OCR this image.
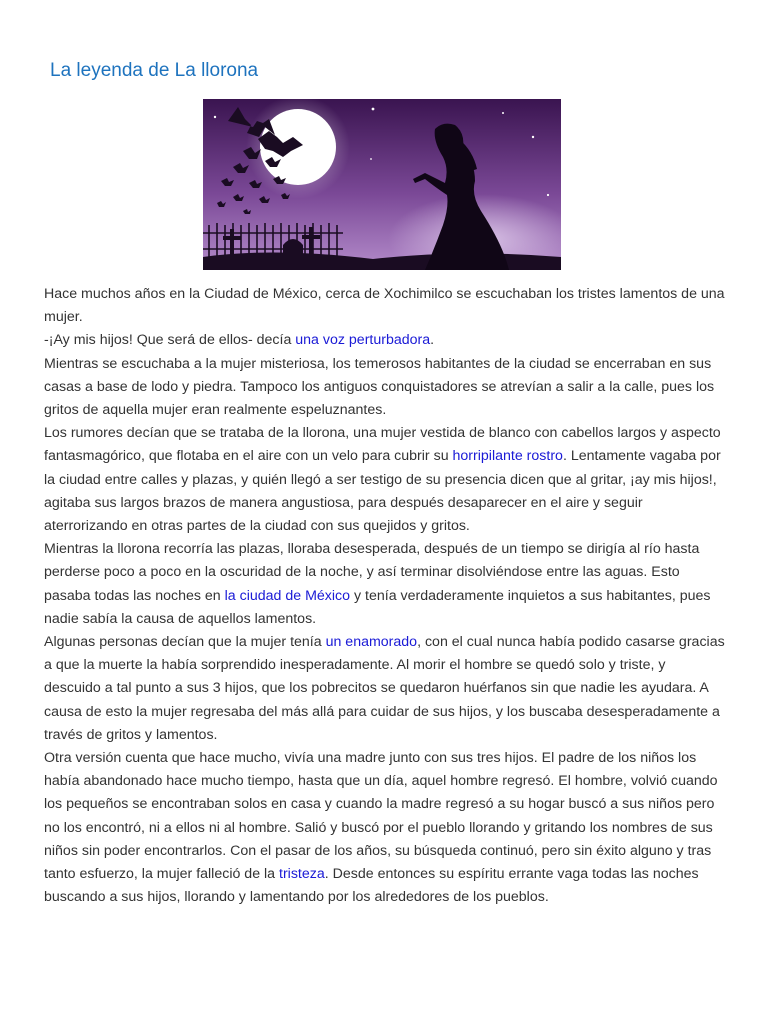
La leyenda de La llorona

Hace muchos años en la Ciudad de México, cerca de Xochimilco se escuchaban los tristes lamentos de una mujer.

-¡Ay mis hijos! Que será de ellos- decía una voz perturbadora.

Mientras se escuchaba a la mujer misteriosa, los temerosos habitantes de la ciudad se encerraban en sus casas a base de lodo y piedra. Tampoco los antiguos conquistadores se atrevían a salir a la calle, pues los gritos de aquella mujer eran realmente espeluznantes.

Los rumores decían que se trataba de la llorona, una mujer vestida de blanco con cabellos largos y aspecto fantasmagórico, que flotaba en el aire con un velo para cubrir su horripilante rostro. Lentamente vagaba por la ciudad entre calles y plazas, y quién llegó a ser testigo de su presencia dicen que al gritar, ¡ay mis hijos!, agitaba sus largos brazos de manera angustiosa, para después desaparecer en el aire y seguir aterrorizando en otras partes de la ciudad con sus quejidos y gritos.

Mientras la llorona recorría las plazas, lloraba desesperada, después de un tiempo se dirigía al río hasta perderse poco a poco en la oscuridad de la noche, y así terminar disolviéndose entre las aguas. Esto pasaba todas las noches en la ciudad de México y tenía verdaderamente inquietos a sus habitantes, pues nadie sabía la causa de aquellos lamentos.

Algunas personas decían que la mujer tenía un enamorado, con el cual nunca había podido casarse gracias a que la muerte la había sorprendido inesperadamente. Al morir el hombre se quedó solo y triste, y descuido a tal punto a sus 3 hijos, que los pobrecitos se quedaron huérfanos sin que nadie les ayudara. A causa de esto la mujer regresaba del más allá para cuidar de sus hijos, y los buscaba desesperadamente a través de gritos y lamentos.

Otra versión cuenta que hace mucho, vivía una madre junto con sus tres hijos. El padre de los niños los había abandonado hace mucho tiempo, hasta que un día, aquel hombre regresó. El hombre, volvió cuando los pequeños se encontraban solos en casa y cuando la madre regresó a su hogar buscó a sus niños pero no los encontró, ni a ellos ni al hombre. Salió y buscó por el pueblo llorando y gritando los nombres de sus niños sin poder encontrarlos. Con el pasar de los años, su búsqueda continuó, pero sin éxito alguno y tras tanto esfuerzo, la mujer falleció de la tristeza. Desde entonces su espíritu errante vaga todas las noches buscando a sus hijos, llorando y lamentando por los alrededores de los pueblos.
